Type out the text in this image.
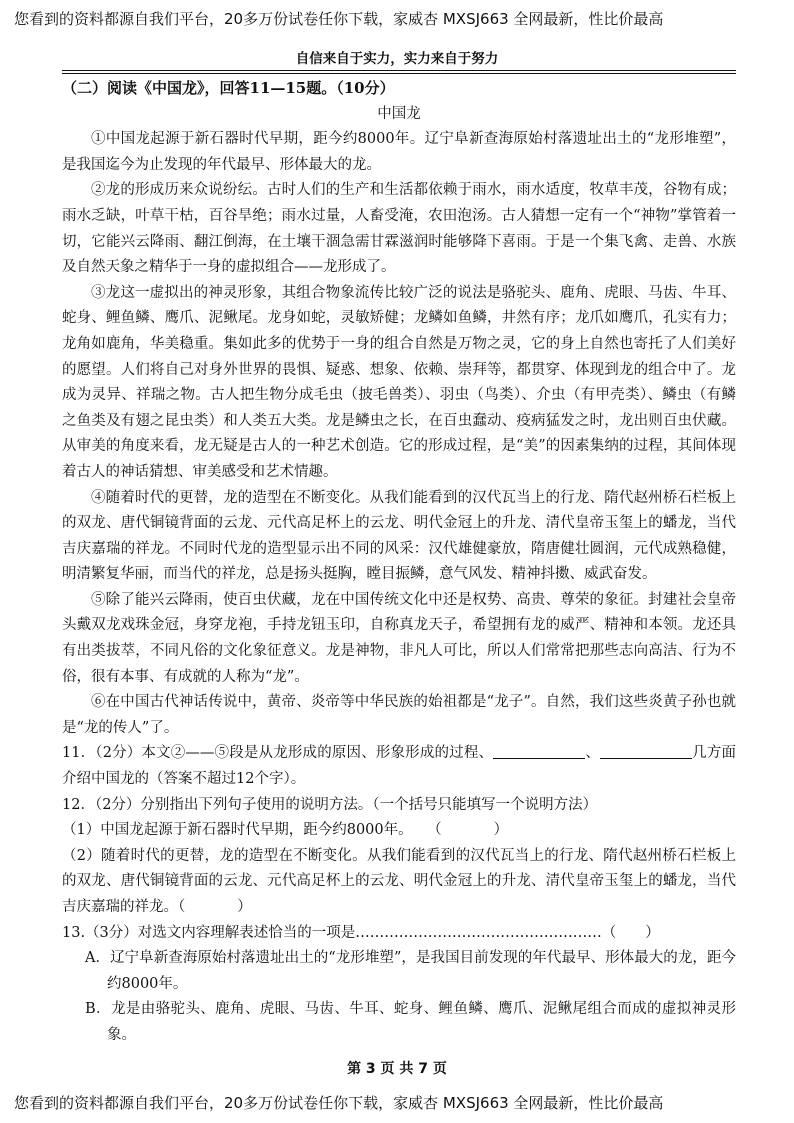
您看到的资料都源自我们平台，20多万份试卷任你下载，家威杏 MXSJ663 全网最新，性比价最高
自信来自于实力，实力来自于努力
（二）阅读《中国龙》，回答11—15题。（10分）
中国龙

①中国龙起源于新石器时代早期，距今约8000年。辽宁阜新查海原始村落遗址出土的“龙形堆塑”，是我国迄今为止发现的年代最早、形体最大的龙。

②龙的形成历来众说纷纭。古时人们的生产和生活都依赖于雨水，雨水适度，牧草丰茂，谷物有成；雨水乏缺，叶草干枯，百谷旱绝；雨水过量，人畜受淹，农田泡汤。古人猜想一定有一个“神物”掌管着一切，它能兴云降雨、翻江倒海，在土壤干涸急需甘霖滋润时能够降下喜雨。于是一个集飞禽、走兽、水族及自然天象之精华于一身的虚拟组合——龙形成了。

③龙这一虚拟出的神灵形象，其组合物象流传比较广泛的说法是骆驼头、鹿角、虎眼、马齿、牛耳、蛇身、鲤鱼鳞、鹰爪、泥鳅尾。龙身如蛇，灵敏矫健；龙鳞如鱼鳞，井然有序；龙爪如鹰爪，孔实有力；龙角如鹿角，华美稳重。集如此多的优势于一身的组合自然是万物之灵，它的身上自然也寄托了人们美好的愿望。人们将自己对身外世界的畏惧、疑惑、想象、依赖、崇拜等，都贯穿、体现到龙的组合中了。龙成为灵异、祥瑞之物。古人把生物分成毛虫（披毛兽类）、羽虫（鸟类）、介虫（有甲壳类）、鳞虫（有鳞之鱼类及有翅之昆虫类）和人类五大类。龙是鳞虫之长，在百虫蠢动、疫病猛发之时，龙出则百虫伏藏。从审美的角度来看，龙无疑是古人的一种艺术创造。它的形成过程，是“美”的因素集纳的过程，其间体现着古人的神话猜想、审美感受和艺术情趣。

④随着时代的更替，龙的造型在不断变化。从我们能看到的汉代瓦当上的行龙、隋代赵州桥石栏板上的双龙、唐代铜镜背面的云龙、元代高足杯上的云龙、明代金冠上的升龙、清代皇帝玉玺上的蟠龙，当代吉庆嘉瑞的祥龙。不同时代龙的造型显示出不同的风采：汉代雄健豪放，隋唐健壮圆润，元代成熟稳健，明清繁复华丽，而当代的祥龙，总是扬头挺胸，瞠目振鳞，意气风发、精神抖擞、威武奋发。

⑤除了能兴云降雨，使百虫伏藏，龙在中国传统文化中还是权势、高贵、尊荣的象征。封建社会皇帝头戴双龙戏珠金冠，身穿龙袍，手持龙钮玉印，自称真龙天子，希望拥有龙的威严、精神和本领。龙还具有出类拔萃，不同凡俗的文化象征意义。龙是神物，非凡人可比，所以人们常常把那些志向高洁、行为不俗，很有本事、有成就的人称为“龙”。

⑥在中国古代神话传说中，黄帝、炎帝等中华民族的始祖都是“龙子”。自然，我们这些炎黄子孙也就是“龙的传人”了。

11．（2分）本文②——⑤段是从龙形成的原因、形象形成的过程、	、	几方面介绍中国龙的（答案不超过12个字）。

12．（2分）分别指出下列句子使用的说明方法。（一个括号只能填写一个说明方法）

（1）中国龙起源于新石器时代早期，距今约8000年。　　 （	）

（2）随着时代的更替，龙的造型在不断变化。从我们能看到的汉代瓦当上的行龙、隋代赵州桥石栏板上的双龙、唐代铜镜背面的云龙、元代高足杯上的云龙、明代金冠上的升龙、清代皇帝玉玺上的蟠龙，当代吉庆嘉瑞的祥龙。（	）

13.（3分）对选文内容理解表述恰当的一项是……………………………………………（　　）

A．辽宁阜新查海原始村落遗址出土的“龙形堆塑”，是我国目前发现的年代最早、形体最大的龙，距今约8000年。

B．龙是由骆驼头、鹿角、虎眼、马齿、牛耳、蛇身、鲤鱼鳞、鹰爪、泥鳅尾组合而成的虚拟神灵形象。

第 3 页 共 7 页
您看到的资料都源自我们平台，20多万份试卷任你下载，家威杏 MXSJ663 全网最新，性比价最高
